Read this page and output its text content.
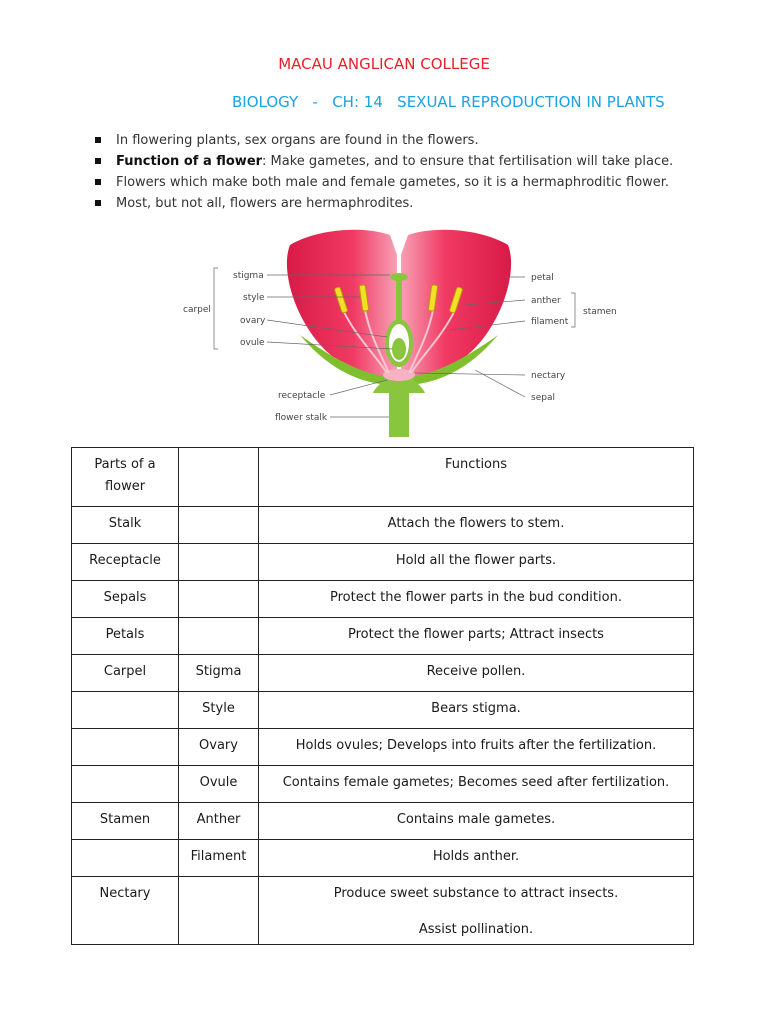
MACAU ANGLICAN COLLEGE
BIOLOGY   -   CH: 14   SEXUAL REPRODUCTION IN PLANTS
In flowering plants, sex organs are found in the flowers.
Function of a flower: Make gametes, and to ensure that fertilisation will take place.
Flowers which make both male and female gametes, so it is a hermaphroditic flower.
Most, but not all, flowers are hermaphrodites.
stigma
style
ovary
ovule
carpel
receptacle
flower stalk
petal
anther
filament
stamen
nectary
sepal
Parts of a flower		Functions
Stalk		Attach the flowers to stem.
Receptacle		Hold all the flower parts.
Sepals		Protect the flower parts in the bud condition.
Petals		Protect the flower parts; Attract insects
Carpel	Stigma	Receive pollen.
	Style	Bears stigma.
	Ovary	Holds ovules; Develops into fruits after the fertilization.
	Ovule	Contains female gametes; Becomes seed after fertilization.
Stamen	Anther	Contains male gametes.
	Filament	Holds anther.
Nectary		Produce sweet substance to attract insects.
Assist pollination.
